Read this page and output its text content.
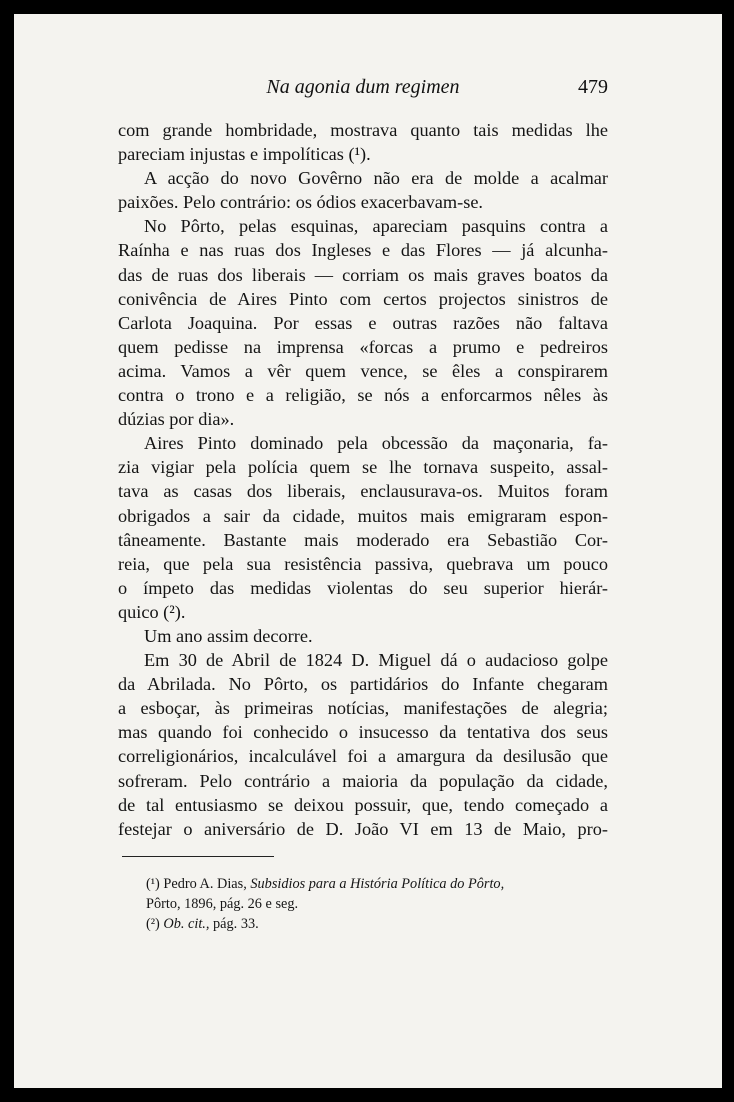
Na agonia dum regimen	479

com grande hombridade, mostrava quanto tais medidas lhe
pareciam injustas e impolíticas (¹).

A acção do novo Govêrno não era de molde a acalmar
paixões. Pelo contrário: os ódios exacerbavam-se.

No Pôrto, pelas esquinas, apareciam pasquins contra a
Raínha e nas ruas dos Ingleses e das Flores — já alcunha-
das de ruas dos liberais — corriam os mais graves boatos da
conivência de Aires Pinto com certos projectos sinistros de
Carlota Joaquina. Por essas e outras razões não faltava
quem pedisse na imprensa «forcas a prumo e pedreiros
acima. Vamos a vêr quem vence, se êles a conspirarem
contra o trono e a religião, se nós a enforcarmos nêles às
dúzias por dia».

Aires Pinto dominado pela obcessão da maçonaria, fa-
zia vigiar pela polícia quem se lhe tornava suspeito, assal-
tava as casas dos liberais, enclausurava-os. Muitos foram
obrigados a sair da cidade, muitos mais emigraram espon-
tâneamente. Bastante mais moderado era Sebastião Cor-
reia, que pela sua resistência passiva, quebrava um pouco
o ímpeto das medidas violentas do seu superior hierár-
quico (²).

Um ano assim decorre.

Em 30 de Abril de 1824 D. Miguel dá o audacioso golpe
da Abrilada. No Pôrto, os partidários do Infante chegaram
a esboçar, às primeiras notícias, manifestações de alegria;
mas quando foi conhecido o insucesso da tentativa dos seus
correligionários, incalculável foi a amargura da desilusão que
sofreram. Pelo contrário a maioria da população da cidade,
de tal entusiasmo se deixou possuir, que, tendo começado a
festejar o aniversário de D. João VI em 13 de Maio, pro-

(¹) Pedro A. Dias, Subsidios para a História Política do Pôrto,
Pôrto, 1896, pág. 26 e seg.

(²) Ob. cit., pág. 33.
